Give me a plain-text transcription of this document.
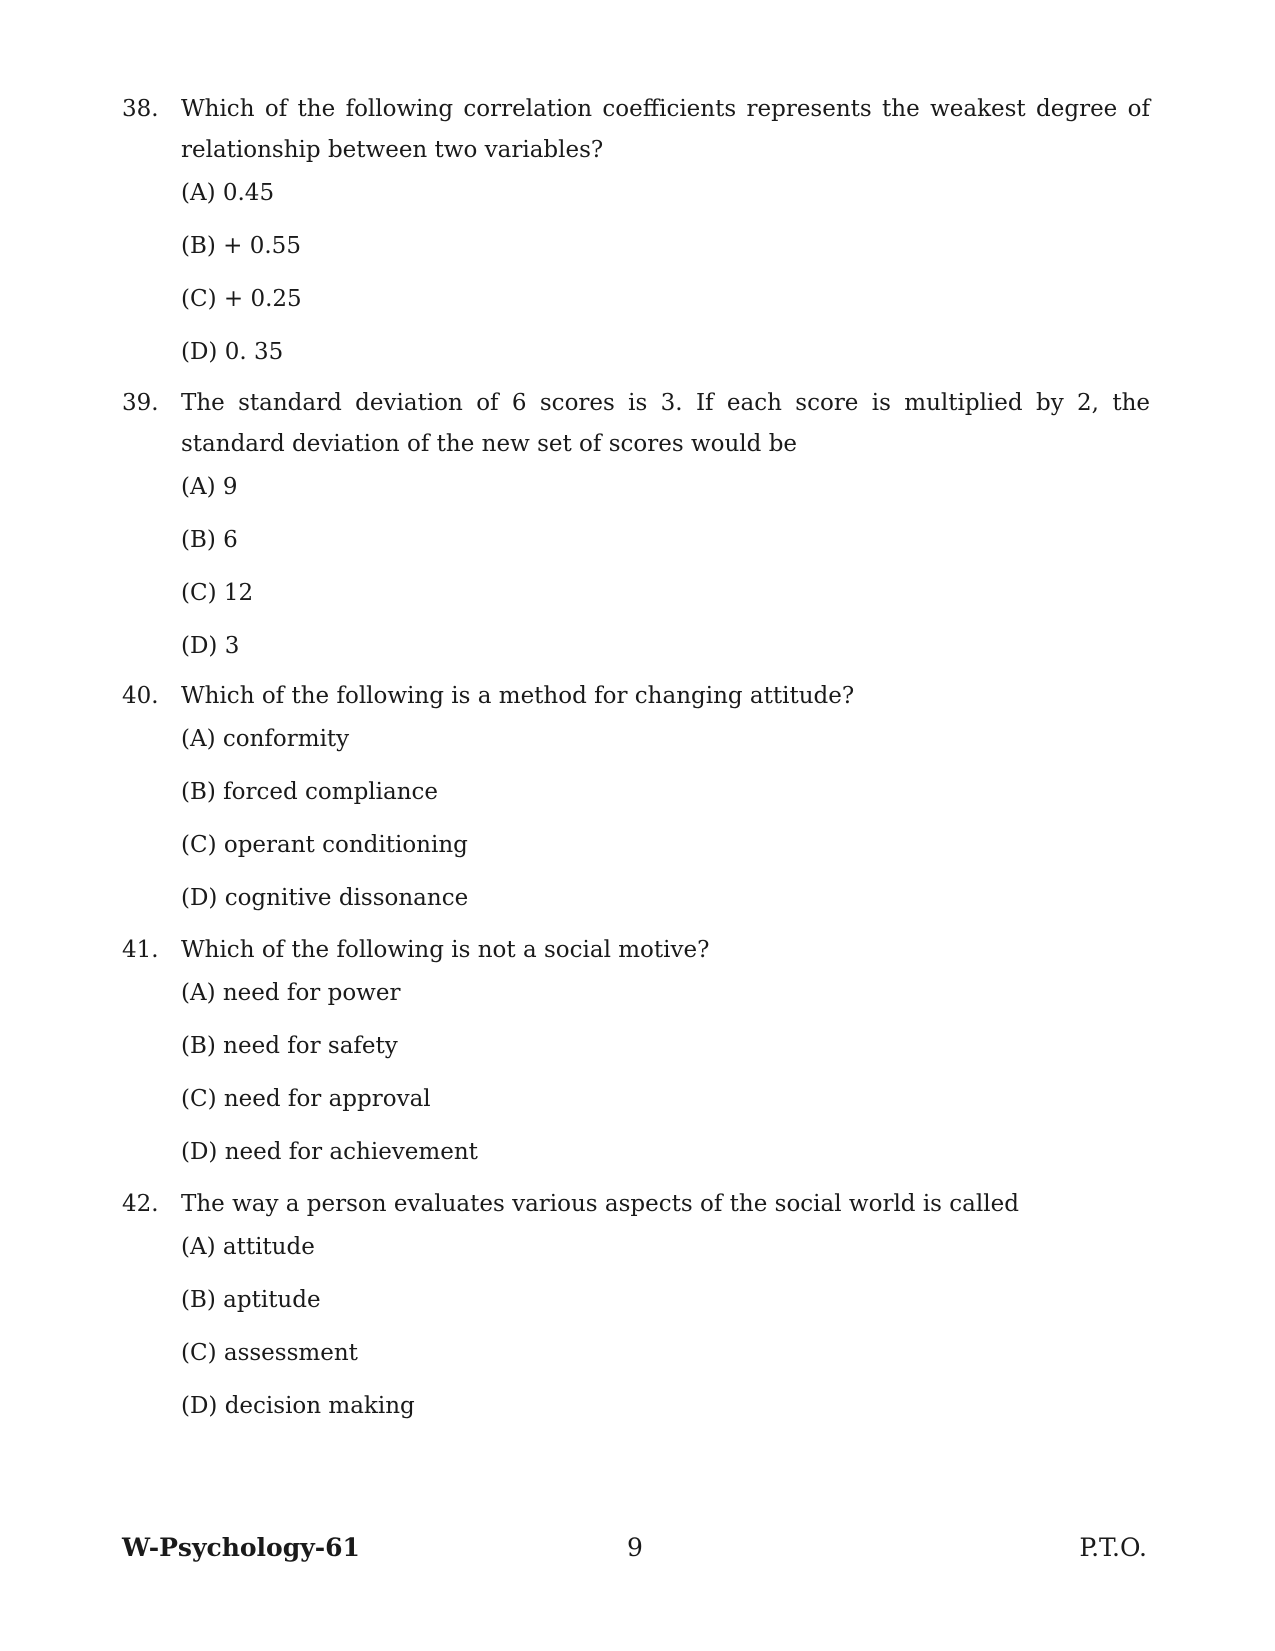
38. Which of the following correlation coefficients represents the weakest degree of relationship between two variables?
(A) 0.45
(B) + 0.55
(C) + 0.25
(D) 0. 35
39. The standard deviation of 6 scores is 3. If each score is multiplied by 2, the standard deviation of the new set of scores would be
(A) 9
(B) 6
(C) 12
(D) 3
40. Which of the following is a method for changing attitude?
(A) conformity
(B) forced compliance
(C) operant conditioning
(D) cognitive dissonance
41. Which of the following is not a social motive?
(A) need for power
(B) need for safety
(C) need for approval
(D) need for achievement
42. The way a person evaluates various aspects of the social world is called
(A) attitude
(B) aptitude
(C) assessment
(D) decision making
W-Psychology-61	9	P.T.O.
